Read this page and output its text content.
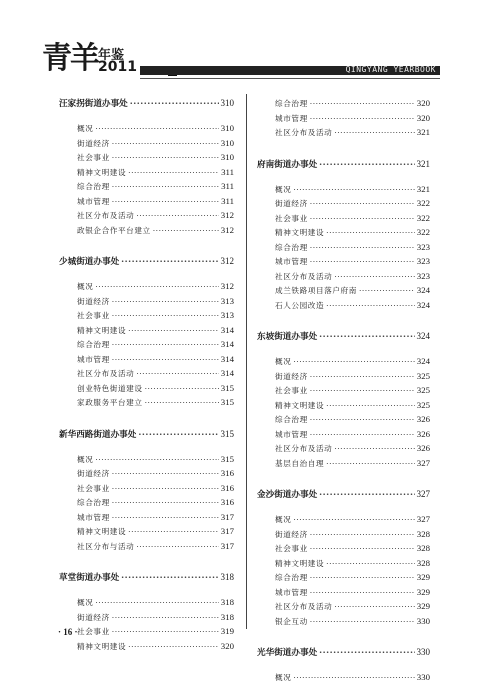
青羊 年鉴
2011	QINGYANG YEARBOOK
汪家拐街道办事处 ·····	310
概况 ·····	310
街道经济 ·····	310
社会事业 ·····	310
精神文明建设 ·····	311
综合治理 ·····	311
城市管理 ·····	311
社区分布及活动 ·····	312
政银企合作平台建立 ·····	312
少城街道办事处 ·····	312
概况 ·····	312
街道经济 ·····	313
社会事业 ·····	313
精神文明建设 ·····	314
综合治理 ·····	314
城市管理 ·····	314
社区分布及活动 ·····	314
创业特色街道建设 ·····	315
家政服务平台建立 ·····	315
新华西路街道办事处 ·····	315
概况 ·····	315
街道经济 ·····	316
社会事业 ·····	316
综合治理 ·····	316
城市管理 ·····	317
精神文明建设 ·····	317
社区分布与活动 ·····	317
草堂街道办事处 ·····	318
概况 ·····	318
街道经济 ·····	318
社会事业 ·····	319
精神文明建设 ·····	320
综合治理 ·····	320
城市管理 ·····	320
社区分布及活动 ·····	321
府南街道办事处 ·····	321
概况 ·····	321
街道经济 ·····	322
社会事业 ·····	322
精神文明建设 ·····	322
综合治理 ·····	323
城市管理 ·····	323
社区分布及活动 ·····	323
成兰铁路项目落户府南 ·····	324
石人公园改造 ·····	324
东坡街道办事处 ·····	324
概况 ·····	324
街道经济 ·····	325
社会事业 ·····	325
精神文明建设 ·····	325
综合治理 ·····	326
城市管理 ·····	326
社区分布及活动 ·····	326
基层自治自理 ·····	327
金沙街道办事处 ·····	327
概况 ·····	327
街道经济 ·····	328
社会事业 ·····	328
精神文明建设 ·····	328
综合治理 ·····	329
城市管理 ·····	329
社区分布及活动 ·····	329
银企互动 ·····	330
光华街道办事处 ·····	330
概况 ·····	330
· 16 ·
